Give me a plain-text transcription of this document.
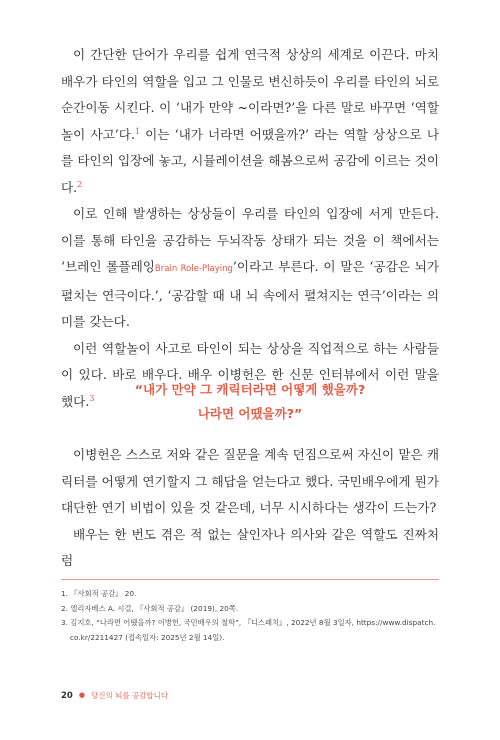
이 간단한 단어가 우리를 쉽게 연극적 상상의 세계로 이끈다. 마치 배우가 타인의 역할을 입고 그 인물로 변신하듯이 우리를 타인의 뇌로 순간이동 시킨다. 이 ‘내가 만약 ~이라면?’을 다른 말로 바꾸면 ‘역할놀이 사고’다.$^1$ 이는 ‘내가 너라면 어땠을까?’ 라는 역할 상상으로 나를 타인의 입장에 놓고, 시뮬레이션을 해봄으로써 공감에 이르는 것이다.$^2$

이로 인해 발생하는 상상들이 우리를 타인의 입장에 서게 만든다. 이를 통해 타인을 공감하는 두뇌작동 상태가 되는 것을 이 책에서는 ‘브레인 롤플레잉Brain Role-Playing’이라고 부른다. 이 말은 ‘공감은 뇌가 펼치는 연극이다.’, ‘공감할 때 내 뇌 속에서 펼쳐지는 연극’이라는 의미를 갖는다.

이런 역할놀이 사고로 타인이 되는 상상을 직업적으로 하는 사람들이 있다. 바로 배우다. 배우 이병헌은 한 신문 인터뷰에서 이런 말을 했다.$^3$

“내가 만약 그 캐릭터라면 어떻게 했을까?
나라면 어땠을까?”

이병헌은 스스로 저와 같은 질문을 계속 던짐으로써 자신이 맡은 캐릭터를 어떻게 연기할지 그 해답을 얻는다고 했다. 국민배우에게 뭔가 대단한 연기 비법이 있을 것 같은데, 너무 시시하다는 생각이 드는가?

배우는 한 번도 겪은 적 없는 살인자나 의사와 같은 역할도 진짜처럼

1. 『사회적 공감』 20.
2. 엘리자베스 A. 시걸, 『사회적 공감』 (2019), 20쪽.
3. 김지호, “나라면 어땠을까? 이병헌, 국민배우의 철학”, 『디스패치』, 2022년 8월 3일자, https://www.dispatch.
co.kr/2211427 (접속일자: 2025년 2월 14일).
20 ● 당신의 뇌를 공감합니다
